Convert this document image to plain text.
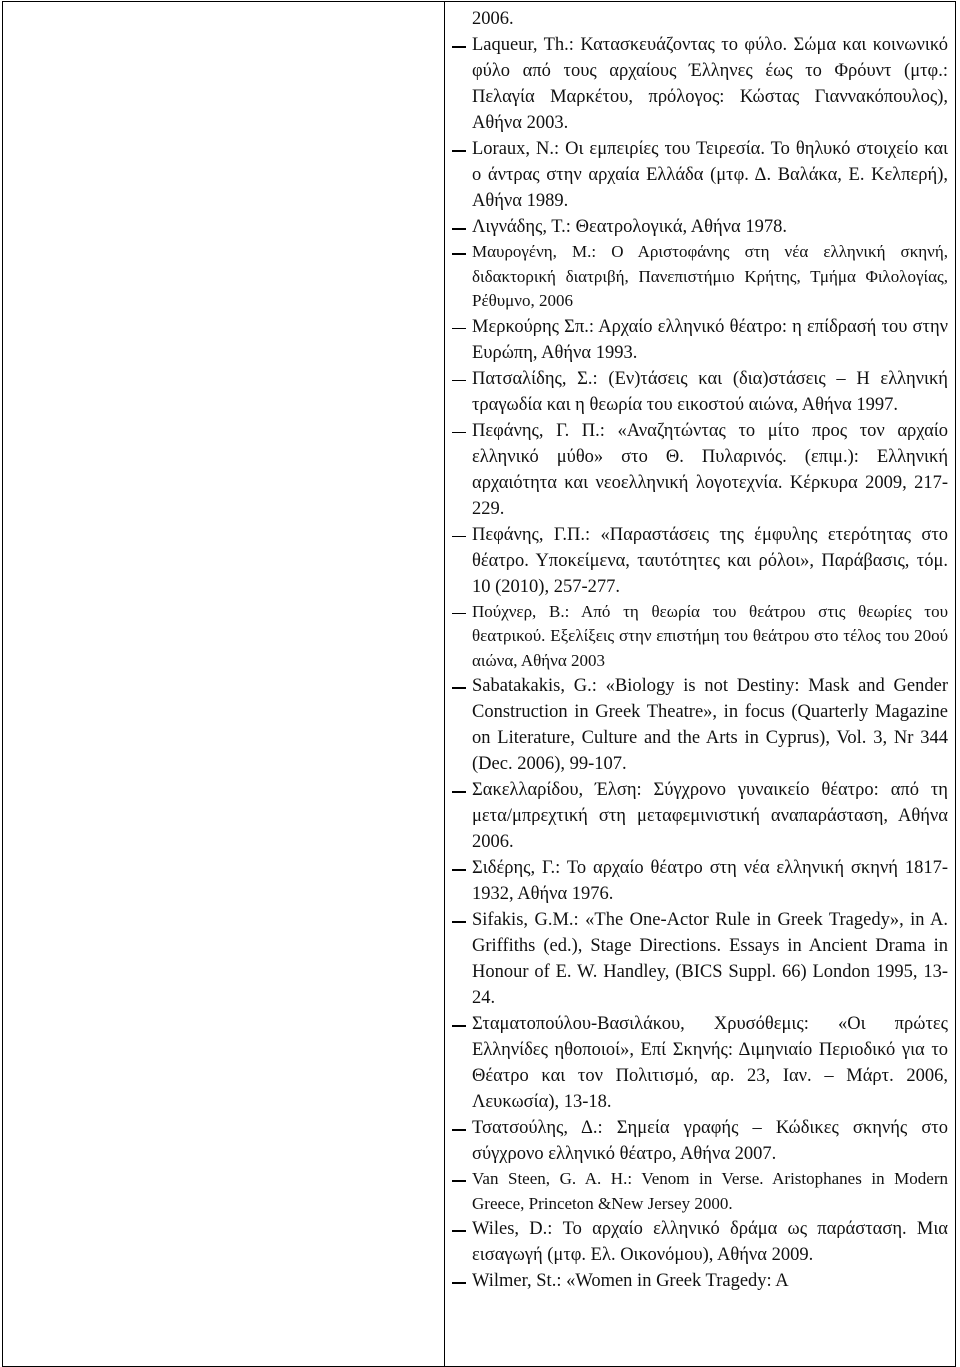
2006.
Laqueur, Th.: Κατασκευάζοντας το φύλο. Σώμα και κοινωνικό φύλο από τους αρχαίους Έλληνες έως το Φρόυντ (μτφ.: Πελαγία Μαρκέτου, πρόλογος: Κώστας Γιαννακόπουλος), Αθήνα 2003.
Loraux, N.: Οι εμπειρίες του Τειρεσία. Το θηλυκό στοιχείο και ο άντρας στην αρχαία Ελλάδα (μτφ. Δ. Βαλάκα, Ε. Κελπερή), Αθήνα 1989.
Λιγνάδης, Τ.: Θεατρολογικά, Αθήνα 1978.
Μαυρογένη, Μ.: Ο Αριστοφάνης στη νέα ελληνική σκηνή, διδακτορική διατριβή, Πανεπιστήμιο Κρήτης, Τμήμα Φιλολογίας, Ρέθυμνο, 2006
Μερκούρης Σπ.: Αρχαίο ελληνικό θέατρο: η επίδρασή του στην Ευρώπη, Αθήνα 1993.
Πατσαλίδης, Σ.: (Εν)τάσεις και (δια)στάσεις – Η ελληνική τραγωδία και η θεωρία του εικοστού αιώνα, Αθήνα 1997.
Πεφάνης, Γ. Π.: «Αναζητώντας το μίτο προς τον αρχαίο ελληνικό μύθο» στο Θ. Πυλαρινός. (επιμ.): Ελληνική αρχαιότητα και νεοελληνική λογοτεχνία. Κέρκυρα 2009, 217-229.
Πεφάνης, Γ.Π.: «Παραστάσεις της έμφυλης ετερότητας στο θέατρο. Υποκείμενα, ταυτότητες και ρόλοι», Παράβασις, τόμ. 10 (2010), 257-277.
Πούχνερ, Β.: Από τη θεωρία του θεάτρου στις θεωρίες του θεατρικού. Εξελίξεις στην επιστήμη του θεάτρου στο τέλος του 20ού αιώνα, Αθήνα 2003
Sabatakakis, G.: «Biology is not Destiny: Mask and Gender Construction in Greek Theatre», in focus (Quarterly Magazine on Literature, Culture and the Arts in Cyprus), Vol. 3, Nr 344 (Dec. 2006), 99-107.
Σακελλαρίδου, Έλση: Σύγχρονο γυναικείο θέατρο: από τη μετα/μπρεχτική στη μεταφεμινιστική αναπαράσταση, Αθήνα 2006.
Σιδέρης, Γ.: Το αρχαίο θέατρο στη νέα ελληνική σκηνή 1817-1932, Αθήνα 1976.
Sifakis, G.M.: «The One-Actor Rule in Greek Tragedy», in A. Griffiths (ed.), Stage Directions. Essays in Ancient Drama in Honour of E. W. Handley, (BICS Suppl. 66) London 1995, 13-24.
Σταματοπούλου-Βασιλάκου, Χρυσόθεμις: «Οι πρώτες Ελληνίδες ηθοποιοί», Επί Σκηνής: Διμηνιαίο Περιοδικό για το Θέατρο και τον Πολιτισμό, αρ. 23, Ιαν. – Μάρτ. 2006, Λευκωσία), 13-18.
Τσατσούλης, Δ.: Σημεία γραφής – Κώδικες σκηνής στο σύγχρονο ελληνικό θέατρο, Αθήνα 2007.
Van Steen, G. A. H.: Venom in Verse. Aristophanes in Modern Greece, Princeton &New Jersey 2000.
Wiles, D.: Το αρχαίο ελληνικό δράμα ως παράσταση. Μια εισαγωγή (μτφ. Ελ. Οικονόμου), Αθήνα 2009.
Wilmer, St.: «Women in Greek Tragedy: A
